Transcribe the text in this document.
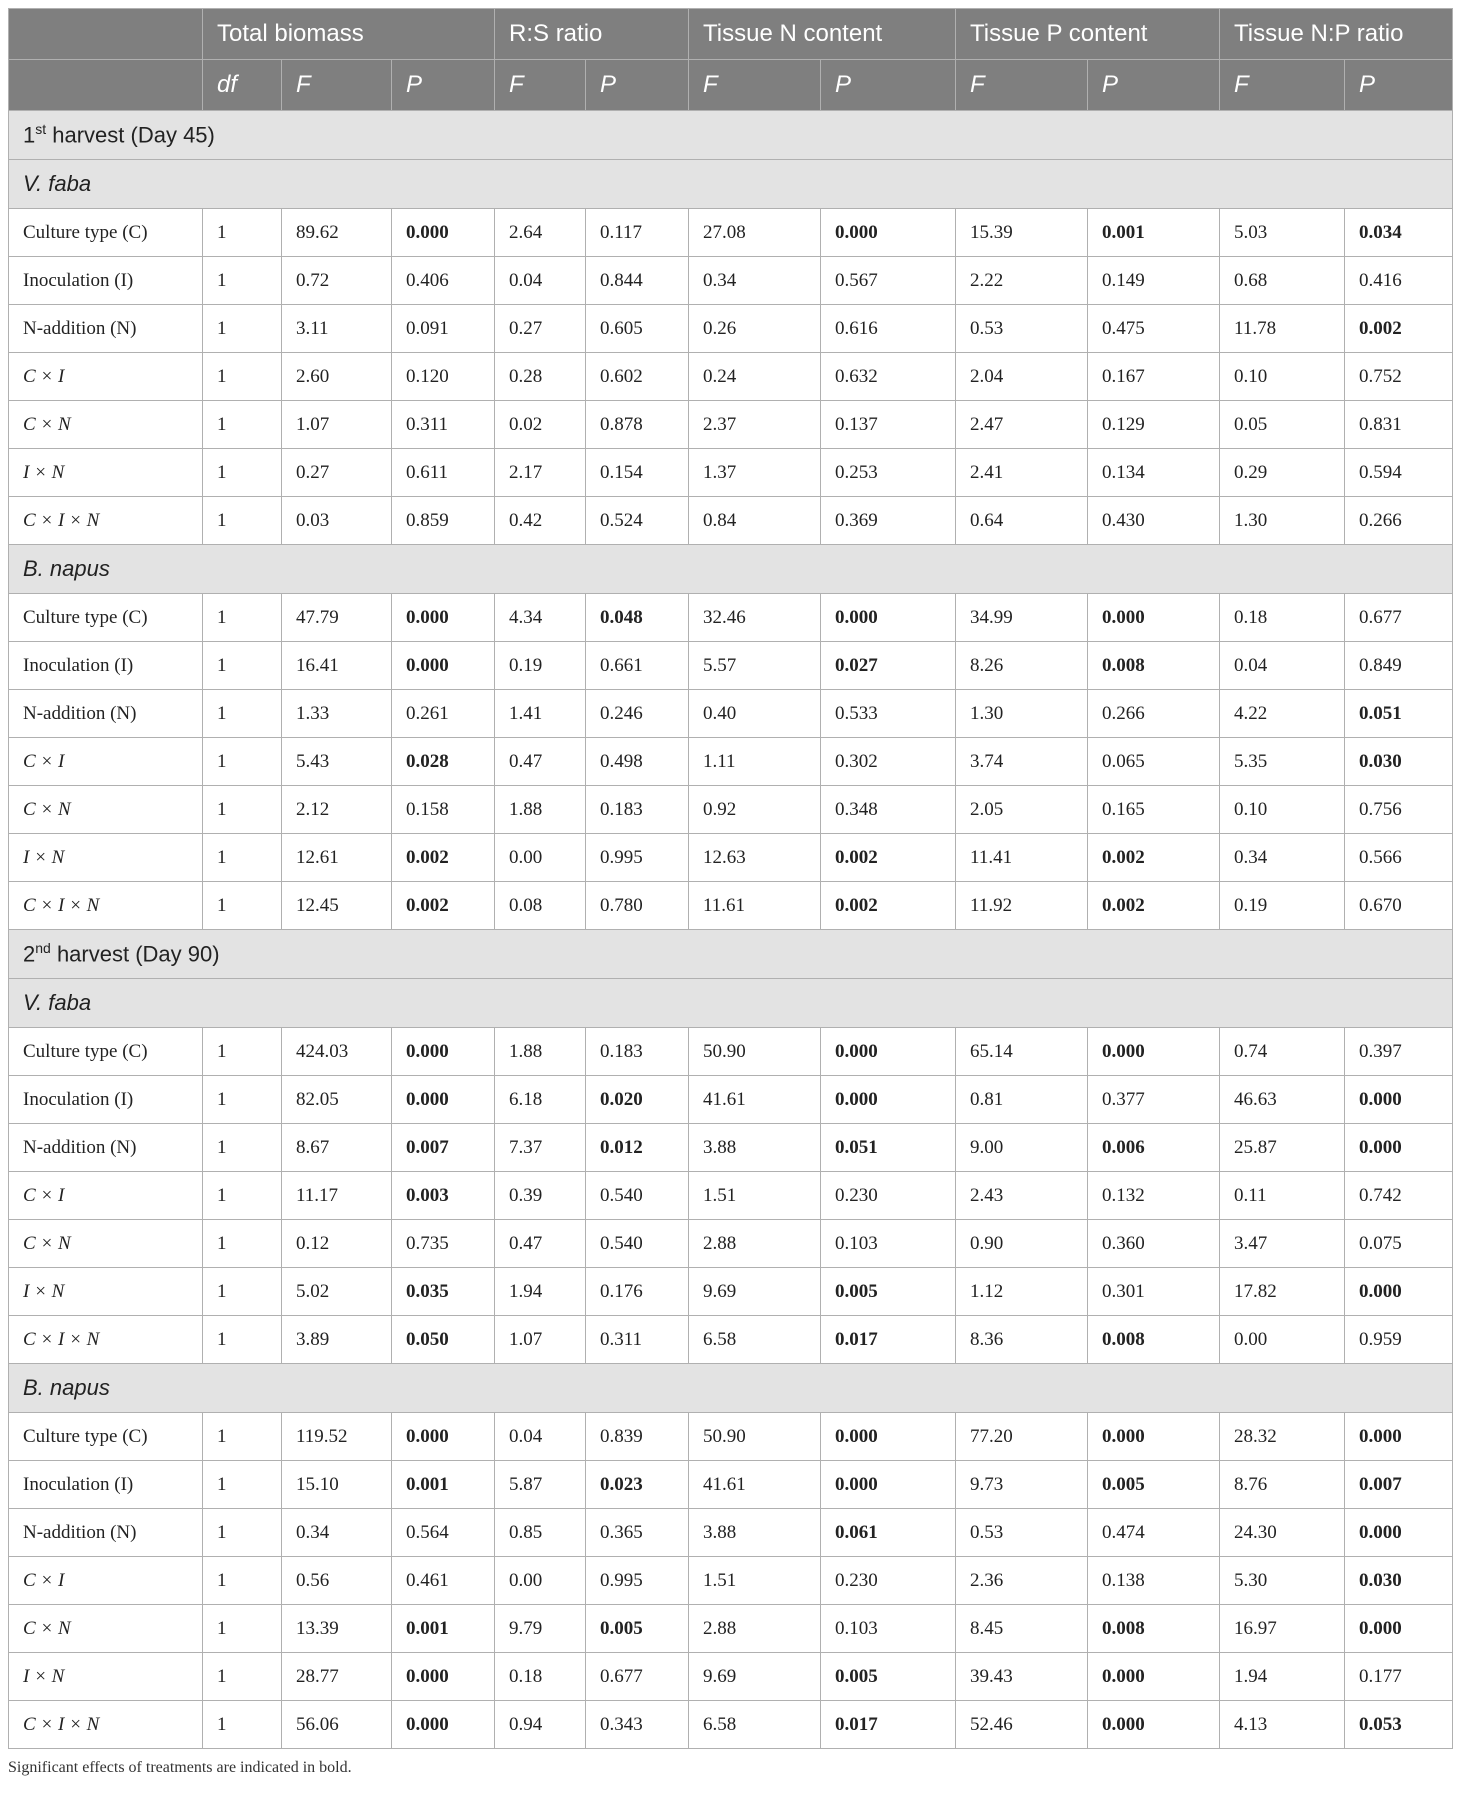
	Total biomass			R:S ratio		Tissue N content		Tissue P content		Tissue N:P ratio	
	df	F	P	F	P	F	P	F	P	F	P
1st harvest (Day 45)											
V. faba											
Culture type (C)	1	89.62	0.000	2.64	0.117	27.08	0.000	15.39	0.001	5.03	0.034
Inoculation (I)	1	0.72	0.406	0.04	0.844	0.34	0.567	2.22	0.149	0.68	0.416
N-addition (N)	1	3.11	0.091	0.27	0.605	0.26	0.616	0.53	0.475	11.78	0.002
C × I	1	2.60	0.120	0.28	0.602	0.24	0.632	2.04	0.167	0.10	0.752
C × N	1	1.07	0.311	0.02	0.878	2.37	0.137	2.47	0.129	0.05	0.831
I × N	1	0.27	0.611	2.17	0.154	1.37	0.253	2.41	0.134	0.29	0.594
C × I × N	1	0.03	0.859	0.42	0.524	0.84	0.369	0.64	0.430	1.30	0.266
B. napus											
Culture type (C)	1	47.79	0.000	4.34	0.048	32.46	0.000	34.99	0.000	0.18	0.677
Inoculation (I)	1	16.41	0.000	0.19	0.661	5.57	0.027	8.26	0.008	0.04	0.849
N-addition (N)	1	1.33	0.261	1.41	0.246	0.40	0.533	1.30	0.266	4.22	0.051
C × I	1	5.43	0.028	0.47	0.498	1.11	0.302	3.74	0.065	5.35	0.030
C × N	1	2.12	0.158	1.88	0.183	0.92	0.348	2.05	0.165	0.10	0.756
I × N	1	12.61	0.002	0.00	0.995	12.63	0.002	11.41	0.002	0.34	0.566
C × I × N	1	12.45	0.002	0.08	0.780	11.61	0.002	11.92	0.002	0.19	0.670
2nd harvest (Day 90)											
V. faba											
Culture type (C)	1	424.03	0.000	1.88	0.183	50.90	0.000	65.14	0.000	0.74	0.397
Inoculation (I)	1	82.05	0.000	6.18	0.020	41.61	0.000	0.81	0.377	46.63	0.000
N-addition (N)	1	8.67	0.007	7.37	0.012	3.88	0.051	9.00	0.006	25.87	0.000
C × I	1	11.17	0.003	0.39	0.540	1.51	0.230	2.43	0.132	0.11	0.742
C × N	1	0.12	0.735	0.47	0.540	2.88	0.103	0.90	0.360	3.47	0.075
I × N	1	5.02	0.035	1.94	0.176	9.69	0.005	1.12	0.301	17.82	0.000
C × I × N	1	3.89	0.050	1.07	0.311	6.58	0.017	8.36	0.008	0.00	0.959
B. napus											
Culture type (C)	1	119.52	0.000	0.04	0.839	50.90	0.000	77.20	0.000	28.32	0.000
Inoculation (I)	1	15.10	0.001	5.87	0.023	41.61	0.000	9.73	0.005	8.76	0.007
N-addition (N)	1	0.34	0.564	0.85	0.365	3.88	0.061	0.53	0.474	24.30	0.000
C × I	1	0.56	0.461	0.00	0.995	1.51	0.230	2.36	0.138	5.30	0.030
C × N	1	13.39	0.001	9.79	0.005	2.88	0.103	8.45	0.008	16.97	0.000
I × N	1	28.77	0.000	0.18	0.677	9.69	0.005	39.43	0.000	1.94	0.177
C × I × N	1	56.06	0.000	0.94	0.343	6.58	0.017	52.46	0.000	4.13	0.053
Significant effects of treatments are indicated in bold.
